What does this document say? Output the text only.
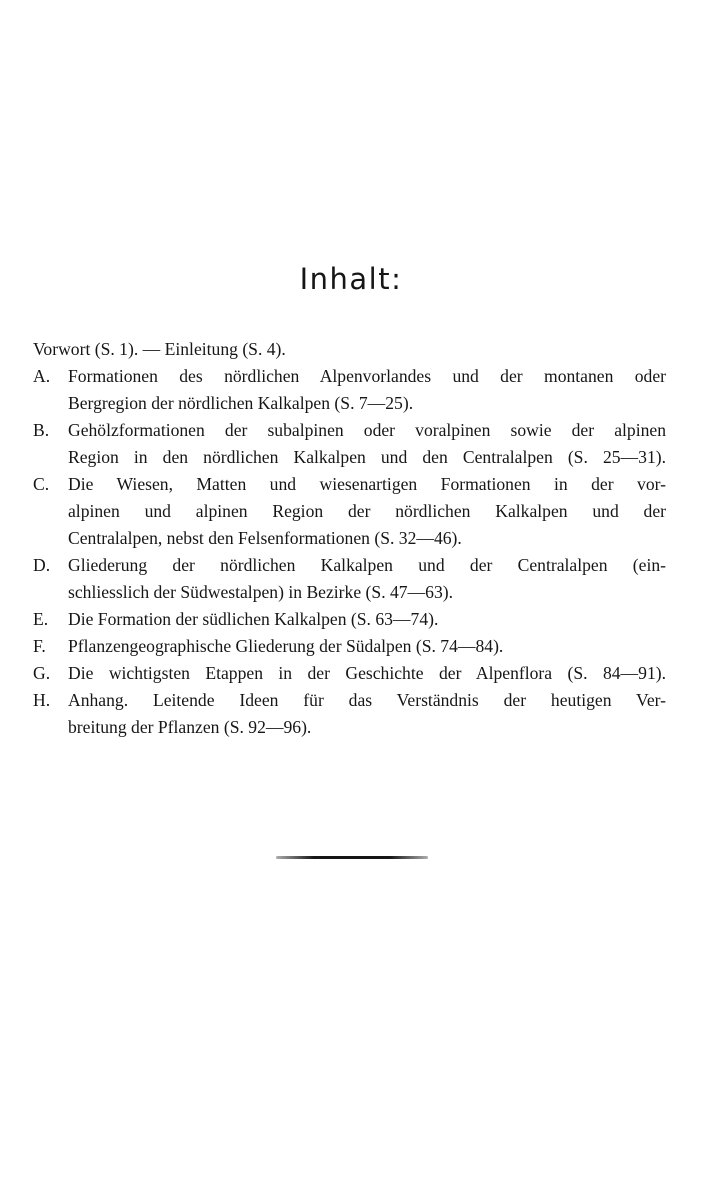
Inhalt:
Vorwort (S. 1). — Einleitung (S. 4).
A. Formationen des nördlichen Alpenvorlandes und der montanen oder
Bergregion der nördlichen Kalkalpen (S. 7—25).
B. Gehölzformationen der subalpinen oder voralpinen sowie der alpinen
Region in den nördlichen Kalkalpen und den Centralalpen (S. 25—31).
C. Die Wiesen, Matten und wiesenartigen Formationen in der vor-
alpinen und alpinen Region der nördlichen Kalkalpen und der
Centralalpen, nebst den Felsenformationen (S. 32—46).
D. Gliederung der nördlichen Kalkalpen und der Centralalpen (ein-
schliesslich der Südwestalpen) in Bezirke (S. 47—63).
E. Die Formation der südlichen Kalkalpen (S. 63—74).
F. Pflanzengeographische Gliederung der Südalpen (S. 74—84).
G. Die wichtigsten Etappen in der Geschichte der Alpenflora (S. 84—91).
H. Anhang. Leitende Ideen für das Verständnis der heutigen Ver-
breitung der Pflanzen (S. 92—96).
